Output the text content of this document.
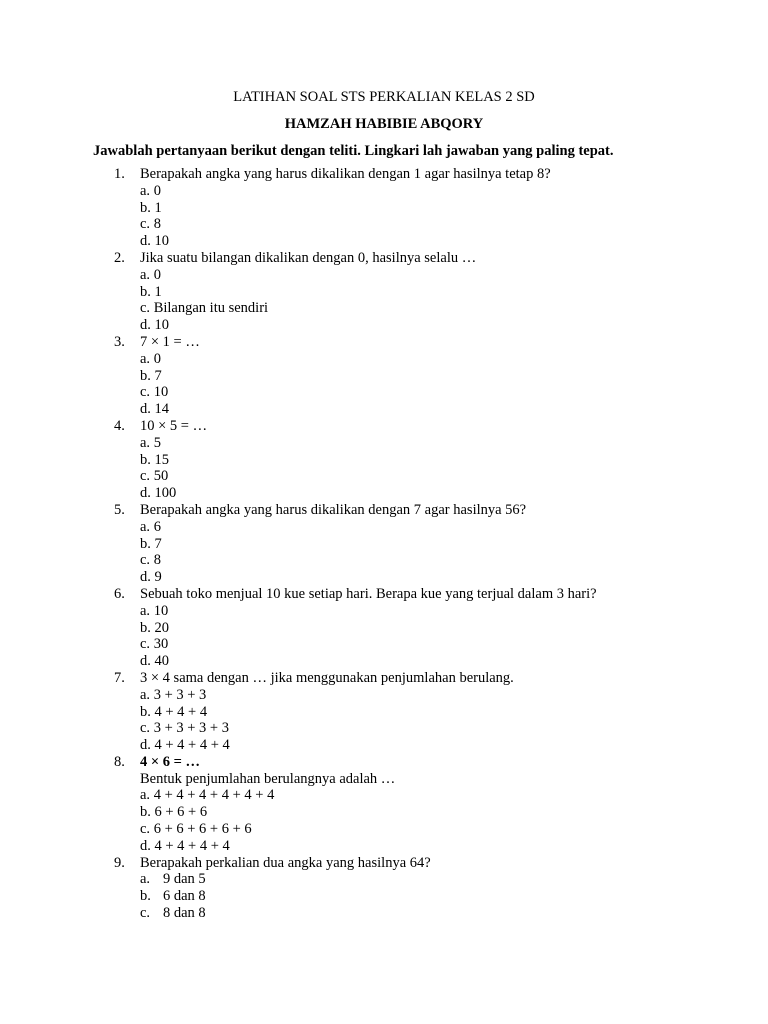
LATIHAN SOAL STS PERKALIAN KELAS 2 SD
HAMZAH HABIBIE ABQORY
Jawablah pertanyaan berikut dengan teliti. Lingkari lah jawaban yang paling tepat.
1. Berapakah angka yang harus dikalikan dengan 1 agar hasilnya tetap 8?
a. 0
b. 1
c. 8
d. 10
2. Jika suatu bilangan dikalikan dengan 0, hasilnya selalu …
a. 0
b. 1
c. Bilangan itu sendiri
d. 10
3. 7 × 1 = …
a. 0
b. 7
c. 10
d. 14
4. 10 × 5 = …
a. 5
b. 15
c. 50
d. 100
5. Berapakah angka yang harus dikalikan dengan 7 agar hasilnya 56?
a. 6
b. 7
c. 8
d. 9
6. Sebuah toko menjual 10 kue setiap hari. Berapa kue yang terjual dalam 3 hari?
a. 10
b. 20
c. 30
d. 40
7. 3 × 4 sama dengan … jika menggunakan penjumlahan berulang.
a. 3 + 3 + 3
b. 4 + 4 + 4
c. 3 + 3 + 3 + 3
d. 4 + 4 + 4 + 4
8. 4 × 6 = …
Bentuk penjumlahan berulangnya adalah …
a. 4 + 4 + 4 + 4 + 4 + 4
b. 6 + 6 + 6
c. 6 + 6 + 6 + 6 + 6
d. 4 + 4 + 4 + 4
9. Berapakah perkalian dua angka yang hasilnya 64?
a. 9 dan 5
b. 6 dan 8
c. 8 dan 8
